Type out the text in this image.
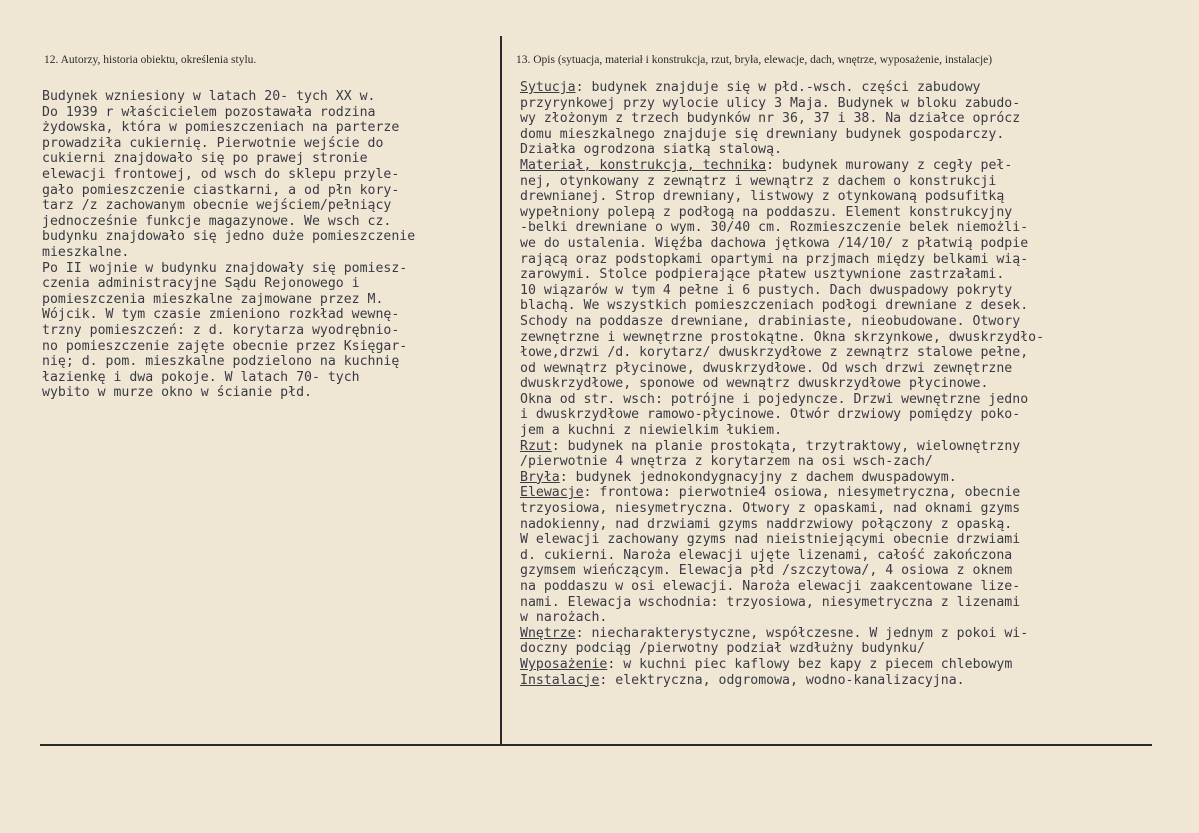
12. Autorzy, historia obiektu, określenia stylu.	13. Opis (sytuacja, materiał i konstrukcja, rzut, bryła, elewacje, dach, wnętrze, wyposażenie, instalacje)
Budynek wzniesiony w latach 20- tych XX w.
Do 1939 r właścicielem pozostawała rodzina
żydowska, która w pomieszczeniach na parterze
prowadziła cukiernię. Pierwotnie wejście do
cukierni znajdowało się po prawej stronie
elewacji frontowej, od wsch do sklepu przyle-
gało pomieszczenie ciastkarni, a od płn kory-
tarz /z zachowanym obecnie wejściem/pełniący
jednocześnie funkcje magazynowe. We wsch cz.
budynku znajdowało się jedno duże pomieszczenie
mieszkalne.
Po II wojnie w budynku znajdowały się pomiesz-
czenia administracyjne Sądu Rejonowego i
pomieszczenia mieszkalne zajmowane przez M.
Wójcik. W tym czasie zmieniono rozkład wewnę-
trzny pomieszczeń: z d. korytarza wyodrębnio-
no pomieszczenie zajęte obecnie przez Księgar-
nię; d. pom. mieszkalne podzielono na kuchnię
łazienkę i dwa pokoje. W latach 70- tych
wybito w murze okno w ścianie płd.
Sytucja: budynek znajduje się w płd.-wsch. części zabudowy
przyrynkowej przy wylocie ulicy 3 Maja. Budynek w bloku zabudo-
wy złożonym z trzech budynków nr 36, 37 i 38. Na działce oprócz
domu mieszkalnego znajduje się drewniany budynek gospodarczy.
Działka ogrodzona siatką stalową.
Materiał, konstrukcja, technika: budynek murowany z cegły peł-
nej, otynkowany z zewnątrz i wewnątrz z dachem o konstrukcji
drewnianej. Strop drewniany, listwowy z otynkowaną podsufitką
wypełniony polepą z podłogą na poddaszu. Element konstrukcyjny
-belki drewniane o wym. 30/40 cm. Rozmieszczenie belek niemożli-
we do ustalenia. Więźba dachowa jętkowa /14/10/ z płatwią podpie
rającą oraz podstopkami opartymi na przjmach między belkami wią-
zarowymi. Stolce podpierające płatew usztywnione zastrzałami.
10 wiązarów w tym 4 pełne i 6 pustych. Dach dwuspadowy pokryty
blachą. We wszystkich pomieszczeniach podłogi drewniane z desek.
Schody na poddasze drewniane, drabiniaste, nieobudowane. Otwory
zewnętrzne i wewnętrzne prostokątne. Okna skrzynkowe, dwuskrzydło-
łowe,drzwi /d. korytarz/ dwuskrzydłowe z zewnątrz stalowe pełne,
od wewnątrz płycinowe, dwuskrzydłowe. Od wsch drzwi zewnętrzne
dwuskrzydłowe, sponowe od wewnątrz dwuskrzydłowe płycinowe.
Okna od str. wsch: potrójne i pojedyncze. Drzwi wewnętrzne jedno
i dwuskrzydłowe ramowo-płycinowe. Otwór drzwiowy pomiędzy poko-
jem a kuchni z niewielkim łukiem.
Rzut: budynek na planie prostokąta, trzytraktowy, wielownętrzny
/pierwotnie 4 wnętrza z korytarzem na osi wsch-zach/
Bryła: budynek jednokondygnacyjny z dachem dwuspadowym.
Elewacje: frontowa: pierwotnie4 osiowa, niesymetryczna, obecnie
trzyosiowa, niesymetryczna. Otwory z opaskami, nad oknami gzyms
nadokienny, nad drzwiami gzyms naddrzwiowy połączony z opaską.
W elewacji zachowany gzyms nad nieistniejącymi obecnie drzwiami
d. cukierni. Naroża elewacji ujęte lizenami, całość zakończona
gzymsem wieńczącym. Elewacja płd /szczytowa/, 4 osiowa z oknem
na poddaszu w osi elewacji. Naroża elewacji zaakcentowane lize-
nami. Elewacja wschodnia: trzyosiowa, niesymetryczna z lizenami
w narożach.
Wnętrze: niecharakterystyczne, współczesne. W jednym z pokoi wi-
doczny podciąg /pierwotny podział wzdłużny budynku/
Wyposażenie: w kuchni piec kaflowy bez kapy z piecem chlebowym
Instalacje: elektryczna, odgromowa, wodno-kanalizacyjna.
